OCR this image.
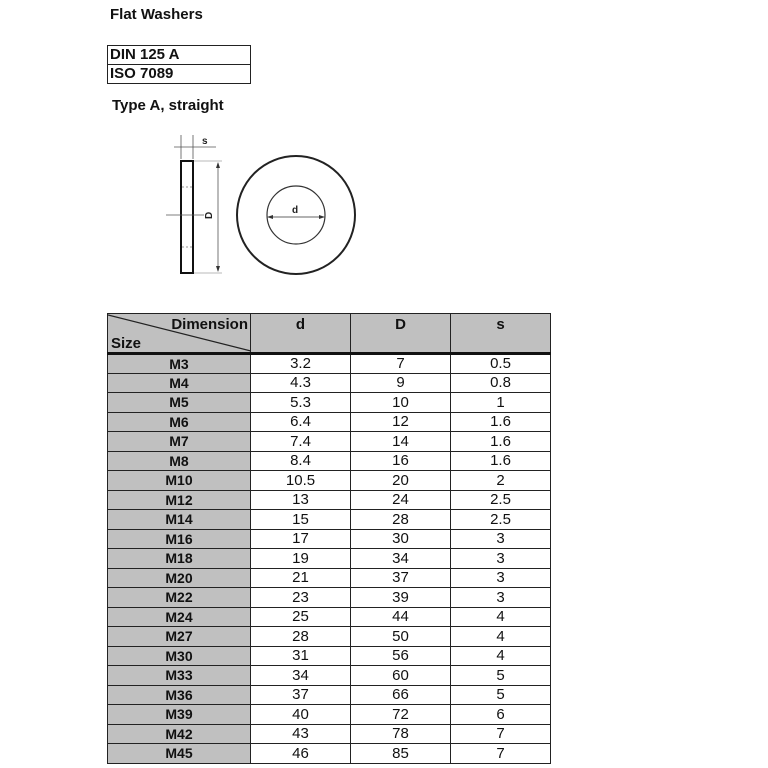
Flat Washers
DIN 125 A
ISO 7089
Type A, straight
s
D	d
Dimension
Size	d	D	s
M3	3.2	7	0.5
M4	4.3	9	0.8
M5	5.3	10	1
M6	6.4	12	1.6
M7	7.4	14	1.6
M8	8.4	16	1.6
M10	10.5	20	2
M12	13	24	2.5
M14	15	28	2.5
M16	17	30	3
M18	19	34	3
M20	21	37	3
M22	23	39	3
M24	25	44	4
M27	28	50	4
M30	31	56	4
M33	34	60	5
M36	37	66	5
M39	40	72	6
M42	43	78	7
M45	46	85	7
